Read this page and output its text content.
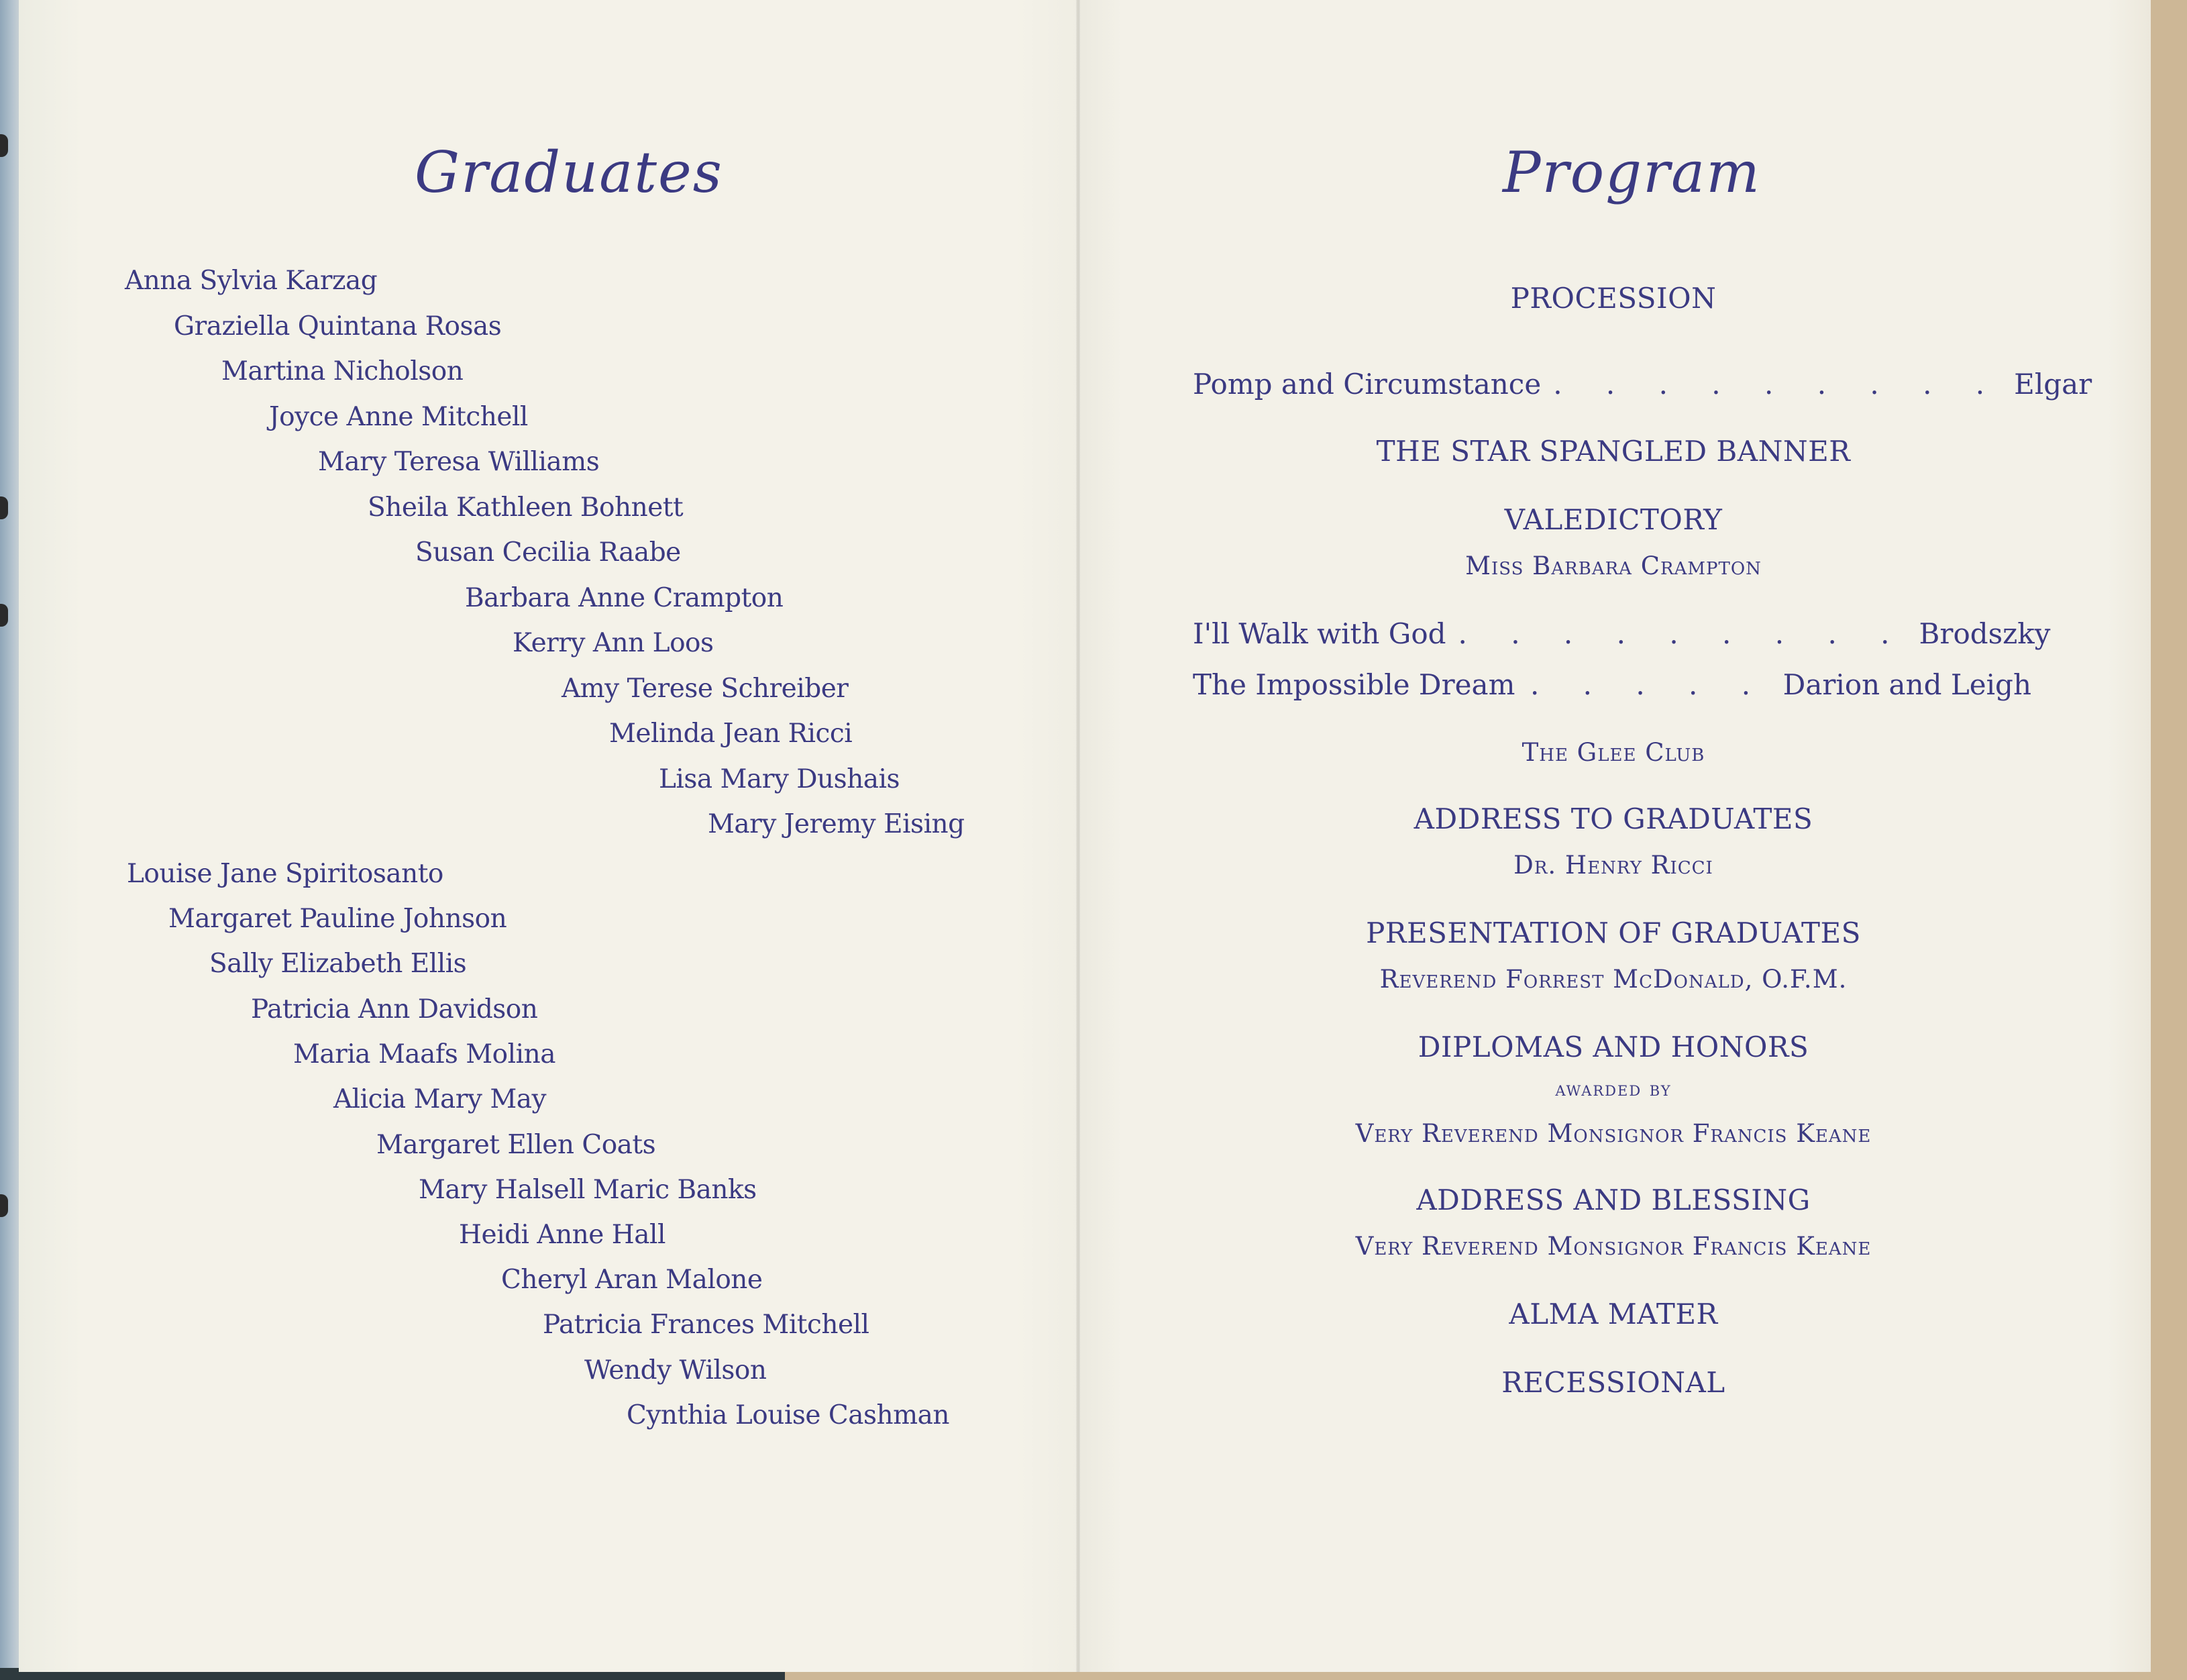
Graduates
Anna Sylvia Karzag
Graziella Quintana Rosas
Martina Nicholson
Joyce Anne Mitchell
Mary Teresa Williams
Sheila Kathleen Bohnett
Susan Cecilia Raabe
Barbara Anne Crampton
Kerry Ann Loos
Amy Terese Schreiber
Melinda Jean Ricci
Lisa Mary Dushais
Mary Jeremy Eising
Louise Jane Spiritosanto
Margaret Pauline Johnson
Sally Elizabeth Ellis
Patricia Ann Davidson
Maria Maafs Molina
Alicia Mary May
Margaret Ellen Coats
Mary Halsell Maric Banks
Heidi Anne Hall
Cheryl Aran Malone
Patricia Frances Mitchell
Wendy Wilson
Cynthia Louise Cashman
Program
PROCESSION
Pomp and Circumstance . . . . . . . . . Elgar
THE STAR SPANGLED BANNER
VALEDICTORY
Miss Barbara Crampton
I'll Walk with God . . . . . . . . . Brodszky
The Impossible Dream . . . . . Darion and Leigh
The Glee Club
ADDRESS TO GRADUATES
Dr. Henry Ricci
PRESENTATION OF GRADUATES
Reverend Forrest McDonald, O.F.M.
DIPLOMAS AND HONORS
awarded by
Very Reverend Monsignor Francis Keane
ADDRESS AND BLESSING
Very Reverend Monsignor Francis Keane
ALMA MATER
RECESSIONAL
